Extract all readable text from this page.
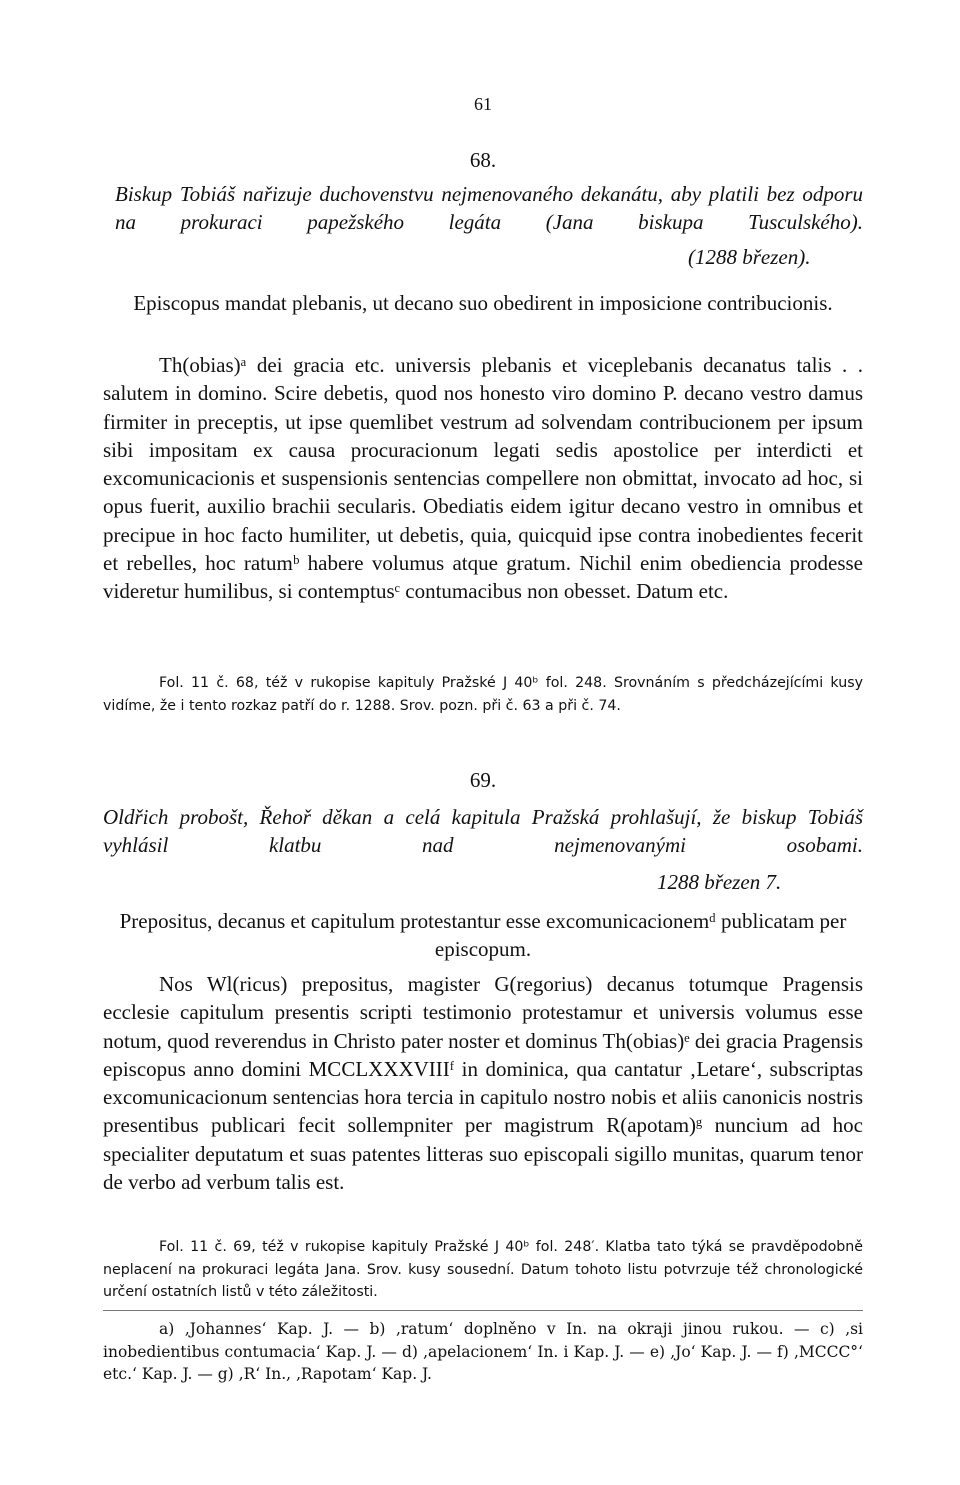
61
68.
Biskup Tobiáš nařizuje duchovenstvu nejmenovaného dekanátu, aby platili bez odporu na prokuraci papežského legáta (Jana biskupa Tusculského).
(1288 březen).
Episcopus mandat plebanis, ut decano suo obedirent in imposicione contribucionis.
Th(obias)ᵃ dei gracia etc. universis plebanis et viceplebanis decanatus talis . . salutem in domino. Scire debetis, quod nos honesto viro domino P. decano vestro damus firmiter in preceptis, ut ipse quemlibet vestrum ad solvendam contribucionem per ipsum sibi impositam ex causa procuracionum legati sedis apostolice per interdicti et excomunicacionis et suspensionis sentencias compellere non obmittat, invocato ad hoc, si opus fuerit, auxilio brachii secularis. Obediatis eidem igitur decano vestro in omnibus et precipue in hoc facto humiliter, ut debetis, quia, quicquid ipse contra inobedientes fecerit et rebelles, hoc ratumᵇ habere volumus atque gratum. Nichil enim obediencia prodesse videretur humilibus, si contemptusᶜ contumacibus non obesset. Datum etc.
Fol. 11 č. 68, též v rukopise kapituly Pražské J 40ᵇ fol. 248. Srovnáním s předcházejícími kusy vidíme, že i tento rozkaz patří do r. 1288. Srov. pozn. při č. 63 a při č. 74.
69.
Oldřich probošt, Řehoř děkan a celá kapitula Pražská prohlašují, že biskup Tobiáš vyhlásil klatbu nad nejmenovanými osobami.
1288 březen 7.
Prepositus, decanus et capitulum protestantur esse excomunicacionemᵈ publicatam per episcopum.
Nos Wl(ricus) prepositus, magister G(regorius) decanus totumque Pragensis ecclesie capitulum presentis scripti testimonio protestamur et universis volumus esse notum, quod reverendus in Christo pater noster et dominus Th(obias)ᵉ dei gracia Pragensis episcopus anno domini MCCLXXXVIIIᶠ in dominica, qua cantatur ‚Letare‘, subscriptas excomunicacionum sentencias hora tercia in capitulo nostro nobis et aliis canonicis nostris presentibus publicari fecit sollempniter per magistrum R(apotam)ᵍ nuncium ad hoc specialiter deputatum et suas patentes litteras suo episcopali sigillo munitas, quarum tenor de verbo ad verbum talis est.
Fol. 11 č. 69, též v rukopise kapituly Pražské J 40ᵇ fol. 248′. Klatba tato týká se pravděpodobně neplacení na prokuraci legáta Jana. Srov. kusy sousední. Datum tohoto listu potvrzuje též chronologické určení ostatních listů v této záležitosti.
a) ‚Johannes‘ Kap. J. — b) ‚ratum‘ doplněno v In. na okraji jinou rukou. — c) ‚si inobedientibus contumacia‘ Kap. J. — d) ‚apelacionem‘ In. i Kap. J. — e) ‚Jo‘ Kap. J. — f) ‚MCCC°‘ etc.‘ Kap. J. — g) ‚R‘ In., ‚Rapotam‘ Kap. J.
